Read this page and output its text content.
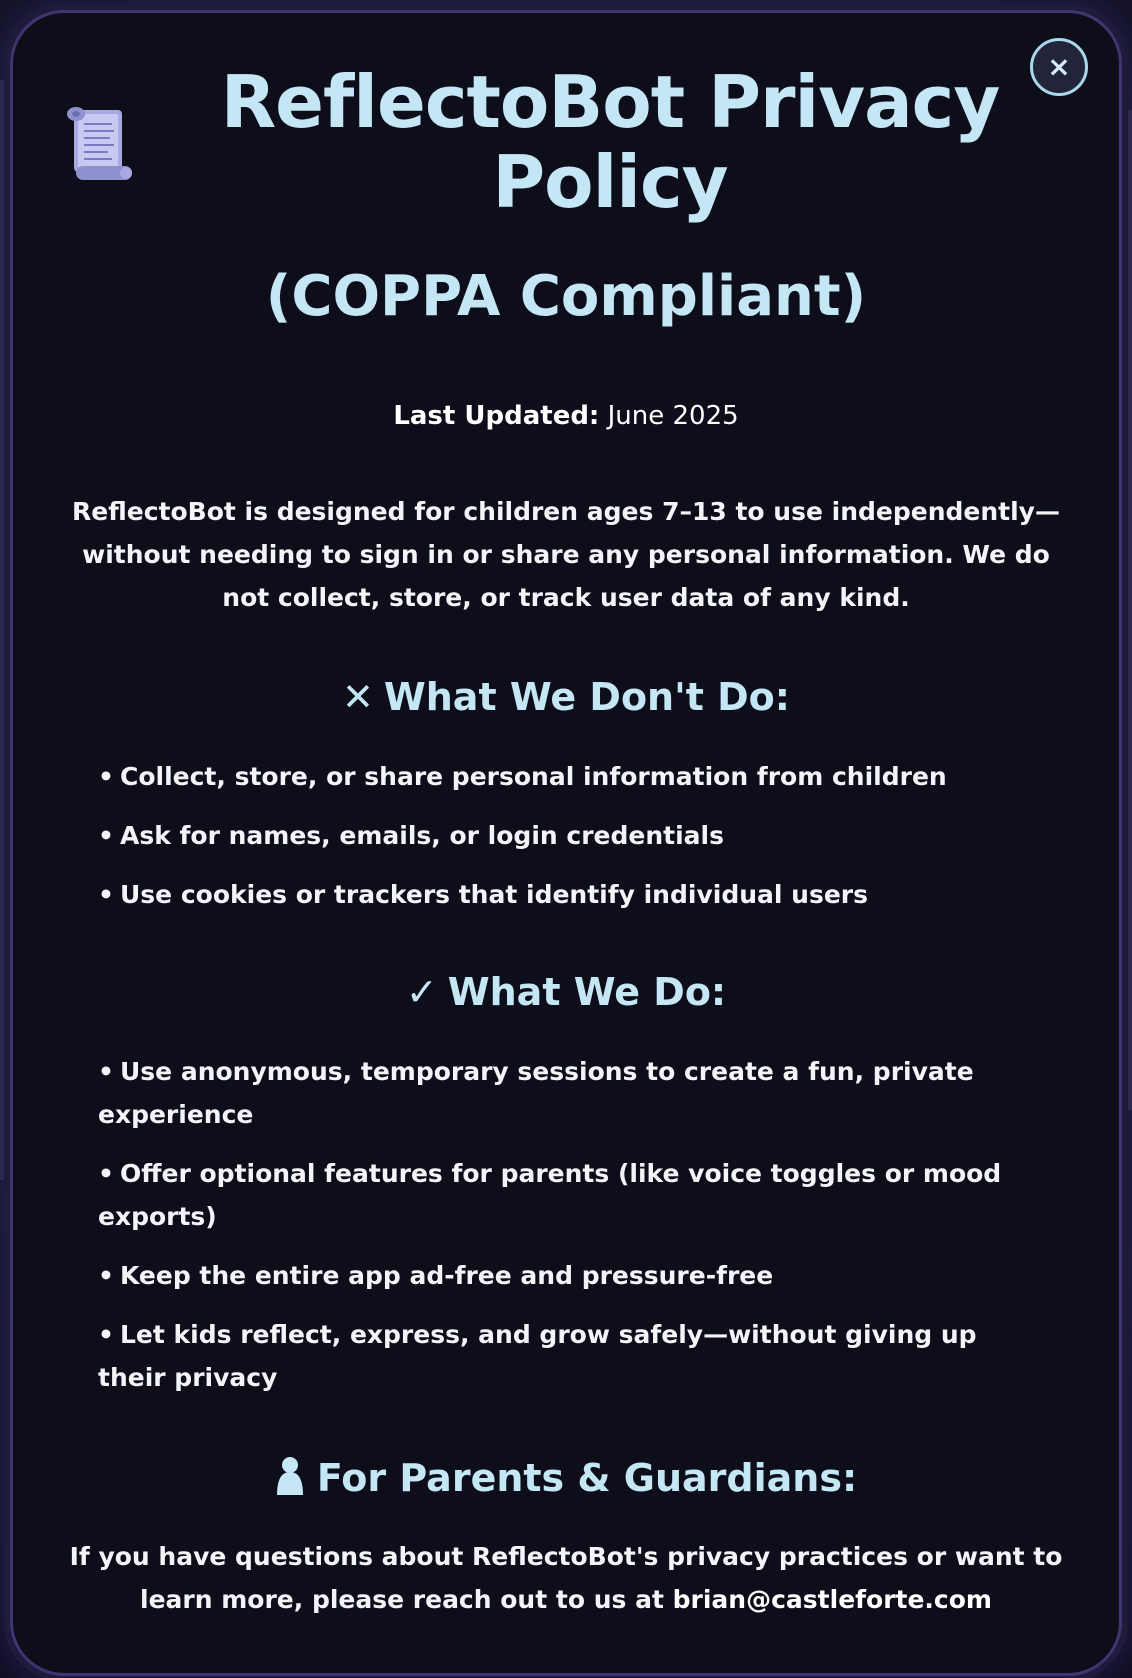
×
ReflectoBot Privacy Policy
(COPPA Compliant)
Last Updated: June 2025

ReflectoBot is designed for children ages 7–13 to use independently—without needing to sign in or share any personal information. We do not collect, store, or track user data of any kind.

✕ What We Don't Do:
• Collect, store, or share personal information from children
• Ask for names, emails, or login credentials
• Use cookies or trackers that identify individual users
✓ What We Do:
• Use anonymous, temporary sessions to create a fun, private experience
• Offer optional features for parents (like voice toggles or mood exports)
• Keep the entire app ad-free and pressure-free
• Let kids reflect, express, and grow safely—without giving up their privacy
For Parents & Guardians:

If you have questions about ReflectoBot's privacy practices or want to learn more, please reach out to us at brian@castleforte.com
